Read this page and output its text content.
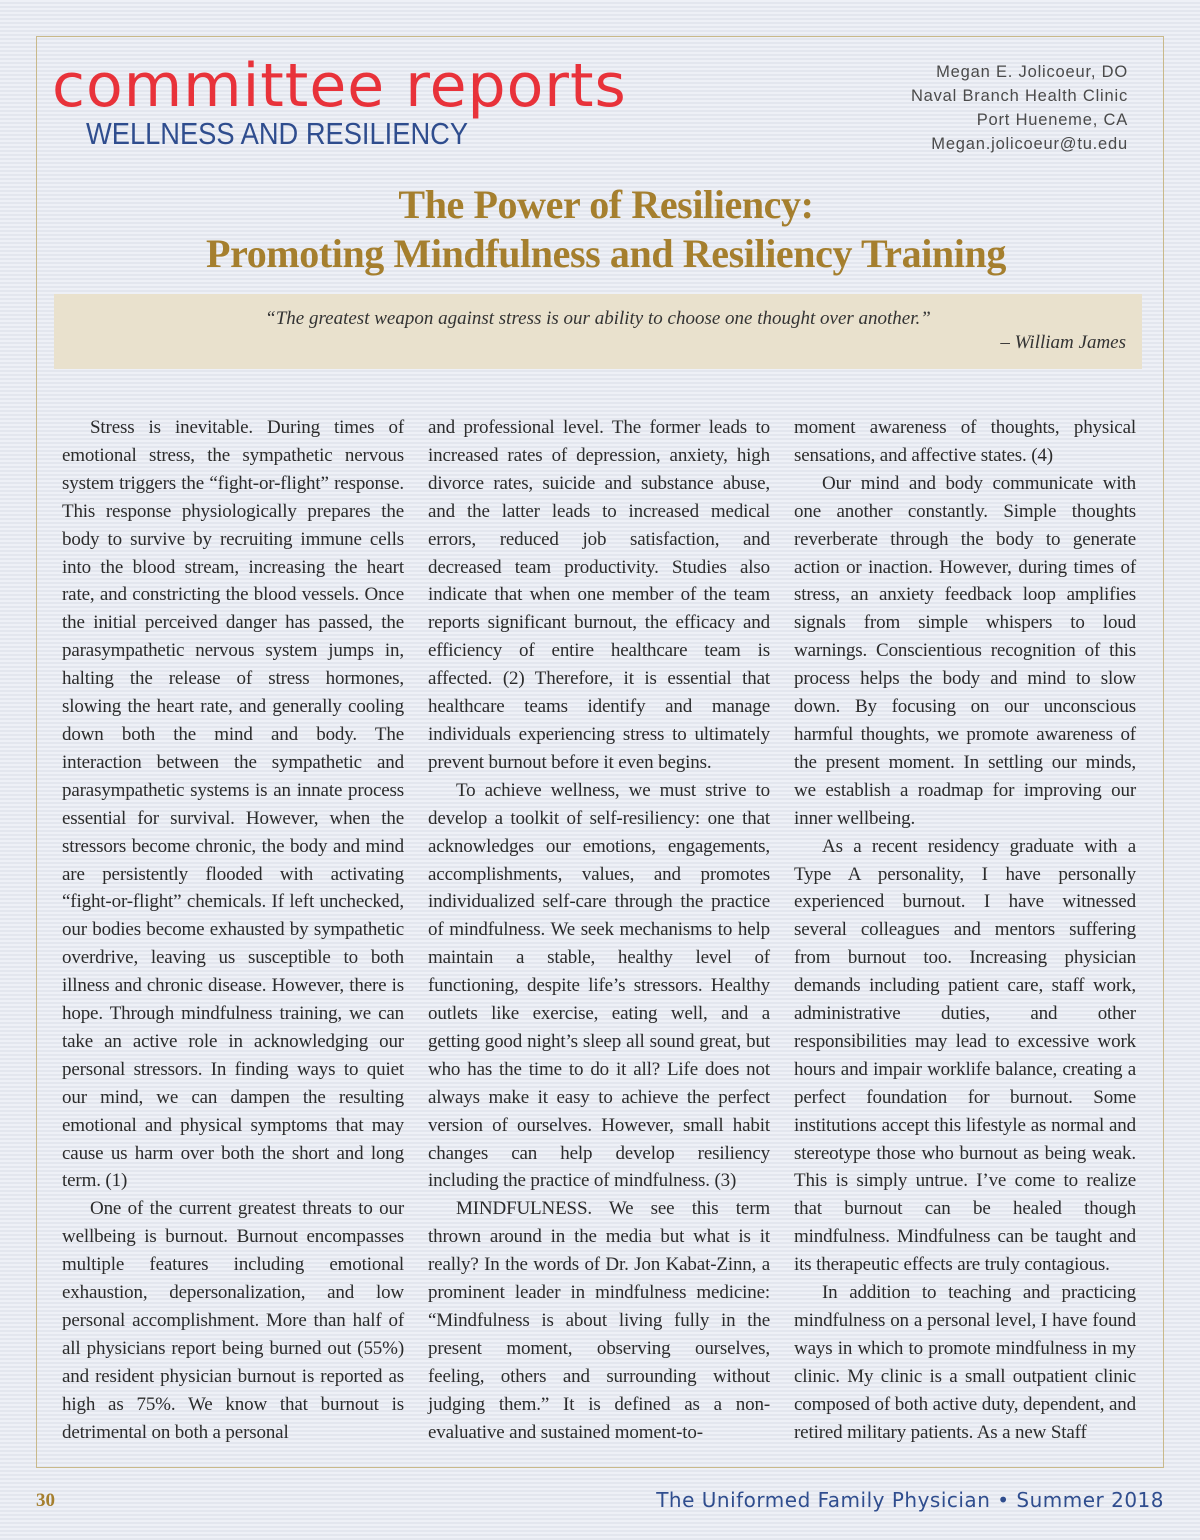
committee reports
WELLNESS AND RESILIENCY
Megan E. Jolicoeur, DO
Naval Branch Health Clinic
Port Hueneme, CA
Megan.jolicoeur@tu.edu
The Power of Resiliency:
Promoting Mindfulness and Resiliency Training
“The greatest weapon against stress is our ability to choose one thought over another.”
– William James

Stress is inevitable. During times of emotional stress, the sympathetic nervous system triggers the “fight-or-flight” response. This response physiologically prepares the body to survive by recruiting immune cells into the blood stream, increasing the heart rate, and constricting the blood vessels. Once the initial perceived danger has passed, the parasympathetic nervous system jumps in, halting the release of stress hormones, slowing the heart rate, and generally cooling down both the mind and body. The interaction between the sympathetic and parasympathetic systems is an innate process essential for survival. However, when the stressors become chronic, the body and mind are persistently flooded with activating “fight-or-flight” chemicals. If left unchecked, our bodies become exhausted by sympathetic overdrive, leaving us susceptible to both illness and chronic disease. However, there is hope. Through mindfulness training, we can take an active role in acknowledging our personal stressors. In finding ways to quiet our mind, we can dampen the resulting emotional and physical symptoms that may cause us harm over both the short and long term. (1)

One of the current greatest threats to our wellbeing is burnout. Burnout encompasses multiple features including emotional exhaustion, depersonalization, and low personal accomplishment. More than half of all physicians report being burned out (55%) and resident physician burnout is reported as high as 75%. We know that burnout is detrimental on both a personal

and professional level. The former leads to increased rates of depression, anxiety, high divorce rates, suicide and substance abuse, and the latter leads to increased medical errors, reduced job satisfaction, and decreased team productivity. Studies also indicate that when one member of the team reports significant burnout, the efficacy and efficiency of entire healthcare team is affected. (2) Therefore, it is essential that healthcare teams identify and manage individuals experiencing stress to ultimately prevent burnout before it even begins.

To achieve wellness, we must strive to develop a toolkit of self-resiliency: one that acknowledges our emotions, engagements, accomplishments, values, and promotes individualized self-care through the practice of mindfulness. We seek mechanisms to help maintain a stable, healthy level of functioning, despite life’s stressors. Healthy outlets like exercise, eating well, and a getting good night’s sleep all sound great, but who has the time to do it all? Life does not always make it easy to achieve the perfect version of ourselves. However, small habit changes can help develop resiliency including the practice of mindfulness. (3)

MINDFULNESS. We see this term thrown around in the media but what is it really? In the words of Dr. Jon Kabat-Zinn, a prominent leader in mindfulness medicine: “Mindfulness is about living fully in the present moment, observing ourselves, feeling, others and surrounding without judging them.” It is defined as a non-evaluative and sustained moment-to-

moment awareness of thoughts, physical sensations, and affective states. (4)

Our mind and body communicate with one another constantly. Simple thoughts reverberate through the body to generate action or inaction. However, during times of stress, an anxiety feedback loop amplifies signals from simple whispers to loud warnings. Conscientious recognition of this process helps the body and mind to slow down. By focusing on our unconscious harmful thoughts, we promote awareness of the present moment. In settling our minds, we establish a roadmap for improving our inner wellbeing.

As a recent residency graduate with a Type A personality, I have personally experienced burnout. I have witnessed several colleagues and mentors suffering from burnout too. Increasing physician demands including patient care, staff work, administrative duties, and other responsibilities may lead to excessive work hours and impair worklife balance, creating a perfect foundation for burnout. Some institutions accept this lifestyle as normal and stereotype those who burnout as being weak. This is simply untrue. I’ve come to realize that burnout can be healed though mindfulness. Mindfulness can be taught and its therapeutic effects are truly contagious.

In addition to teaching and practicing mindfulness on a personal level, I have found ways in which to promote mindfulness in my clinic. My clinic is a small outpatient clinic composed of both active duty, dependent, and retired military patients. As a new Staff

30	The Uniformed Family Physician • Summer 2018
